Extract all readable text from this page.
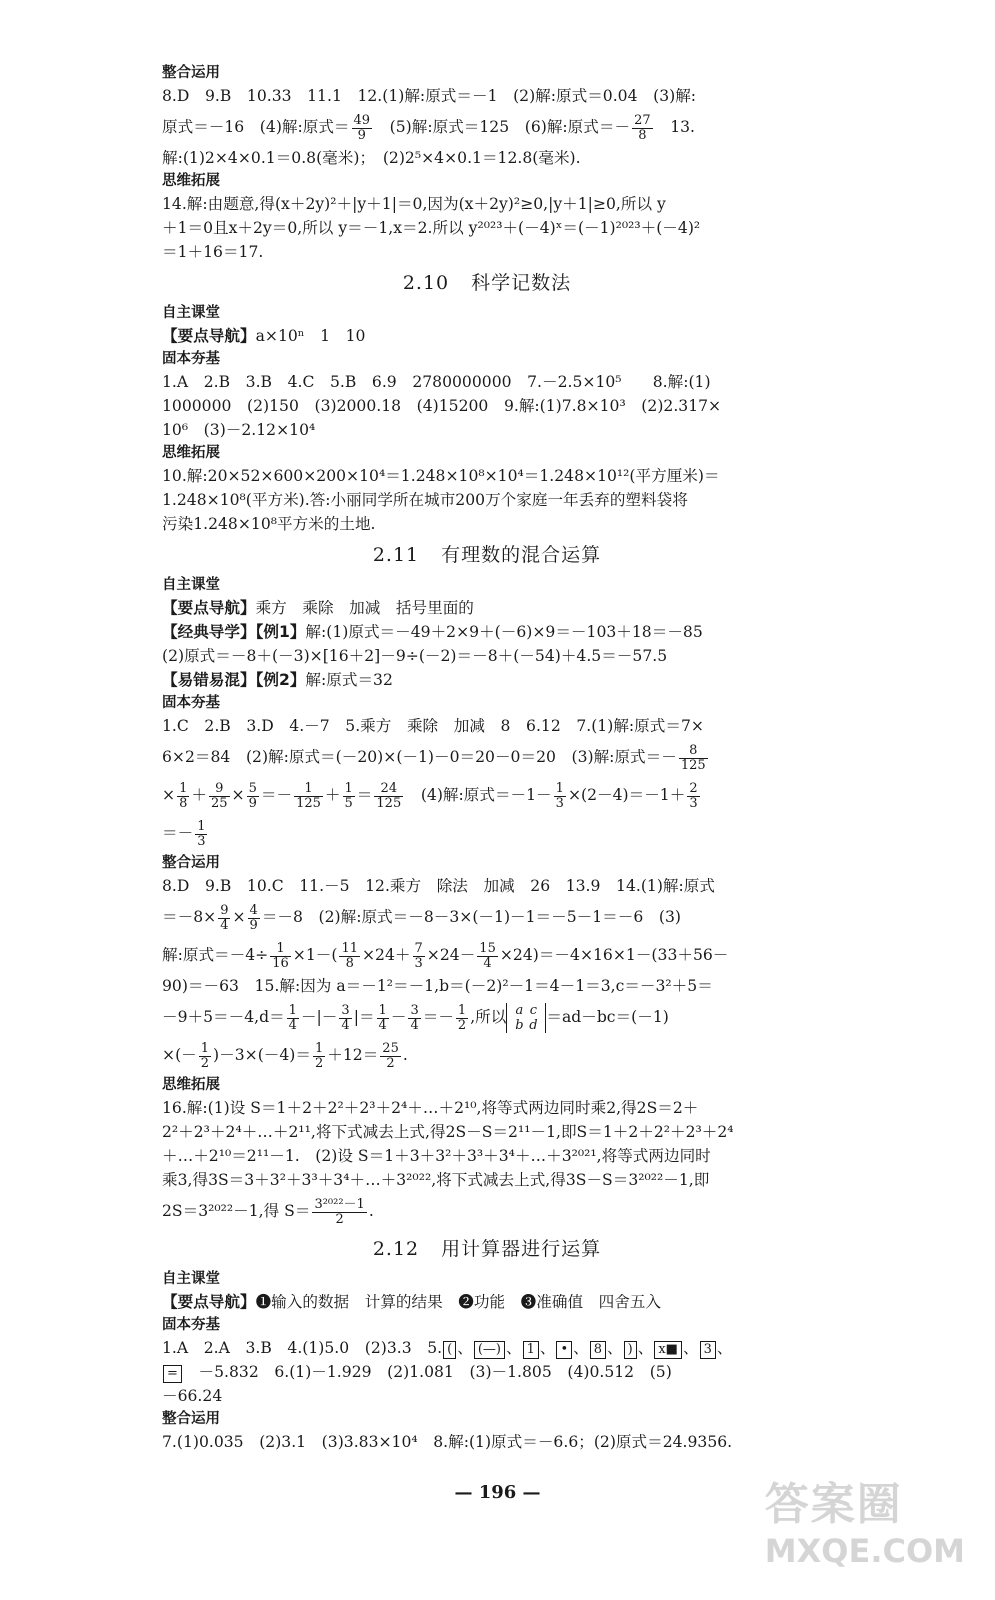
整合运用
8.D　9.B　10.33　11.1　12.(1)解:原式＝－1　(2)解:原式＝0.04　(3)解:
原式＝－16　(4)解:原式＝ $\frac{49}{9}$ 　(5)解:原式＝125　(6)解:原式＝－ $\frac{27}{8}$ 　13.
解:(1)2×4×0.1＝0.8(毫米)；　(2)2⁵×4×0.1＝12.8(毫米).
思维拓展
14.解:由题意,得(x＋2y)²＋|y＋1|＝0,因为(x＋2y)²≥0,|y＋1|≥0,所以 y
＋1＝0且x＋2y＝0,所以 y＝－1,x＝2.所以 y²⁰²³＋(－4)ˣ＝(－1)²⁰²³＋(－4)²
＝1＋16＝17.
2.10 科学记数法
自主课堂
【要点导航】a×10ⁿ　1　10
固本夯基
1.A　2.B　3.B　4.C　5.B　6.9　2780000000　7.－2.5×10⁵　　8.解:(1)
1000000　(2)150　(3)2000.18　(4)15200　9.解:(1)7.8×10³　(2)2.317×
10⁶　(3)－2.12×10⁴
思维拓展
10.解:20×52×600×200×10⁴＝1.248×10⁸×10⁴＝1.248×10¹²(平方厘米)＝
1.248×10⁸(平方米).答:小丽同学所在城市200万个家庭一年丢弃的塑料袋将
污染1.248×10⁸平方米的土地.
2.11 有理数的混合运算
自主课堂
【要点导航】乘方　乘除　加减　括号里面的
【经典导学】【例1】解:(1)原式＝－49＋2×9＋(－6)×9＝－103＋18＝－85
(2)原式＝－8＋(－3)×[16＋2]－9÷(－2)＝－8＋(－54)＋4.5＝－57.5
【易错易混】【例2】解:原式＝32
固本夯基
1.C　2.B　3.D　4.－7　5.乘方　乘除　加减　8　6.12　7.(1)解:原式＝7×
6×2＝84　(2)解:原式＝(－20)×(－1)－0＝20－0＝20　(3)解:原式＝－ $\frac{8}{125}$
× $\frac{1}{8} + \frac{9}{25} \times \frac{5}{9} =- \frac{1}{125} + \frac{1}{5} = \frac{24}{125}$ 　(4)解:原式$=-1- \frac{1}{3} \times(2-4)=-1+ \frac{2}{3}$
＝－ $\frac{1}{3}$
整合运用
8.D　9.B　10.C　11.－5　12.乘方　除法　加减　26　13.9　14.(1)解:原式
$=-8\times \frac{9}{4} \times \frac{4}{9} =-8$　(2)解:原式＝－8－3×(－1)－1＝－5－1＝－6　(3)
解:原式$=-4\div \frac{1}{16} \times 1-( \frac{11}{8} \times 24+ \frac{7}{3} \times 24- \frac{15}{4} \times 24)=-4\times 16\times 1-(33+56-$
90)＝－63　15.解:因为 a＝－1²＝－1,b＝(－2)²－1＝4－1＝3,c＝－3²＋5＝
$-9+5=-4,d= \frac{1}{4}$ －|－ $\frac{3}{4}$ |＝ $\frac{1}{4} - \frac{3}{4} =- \frac{1}{2}$ ,所以 a c
b d ＝ad－bc＝(－1)
×(－ $\frac{1}{2} )-3\times(-4)= \frac{1}{2} +12= \frac{25}{2}$ .
思维拓展
16.解:(1)设 S＝1＋2＋2²＋2³＋2⁴＋…＋2¹⁰,将等式两边同时乘2,得2S＝2＋
2²＋2³＋2⁴＋…＋2¹¹,将下式减去上式,得2S－S＝2¹¹－1,即S＝1＋2＋2²＋2³＋2⁴
＋…＋2¹⁰＝2¹¹－1.　(2)设 S＝1＋3＋3²＋3³＋3⁴＋…＋3²⁰²¹,将等式两边同时
乘3,得3S＝3＋3²＋3³＋3⁴＋…＋3²⁰²²,将下式减去上式,得3S－S＝3²⁰²²－1,即
2S＝3²⁰²²－1,得 $S= \frac{\text{3²⁰²²－1}}{2}$ .
2.12 用计算器进行运算
自主课堂
【要点导航】❶输入的数据　计算的结果　❷功能　❸准确值　四舍五入
固本夯基
1.A　2.A　3.B　4.(1)5.0　(2)3.3　5. ( 、 (—) 、 1 、 • 、 8 、 ) 、 x■ 、 3 、
=　－5.832　6.(1)－1.929　(2)1.081　(3)－1.805　(4)0.512　(5)
－66.24
整合运用
7.(1)0.035　(2)3.1　(3)3.83×10⁴　8.解:(1)原式＝－6.6；(2)原式＝24.9356.
— 196 —	答案圈
MXQE.COM
